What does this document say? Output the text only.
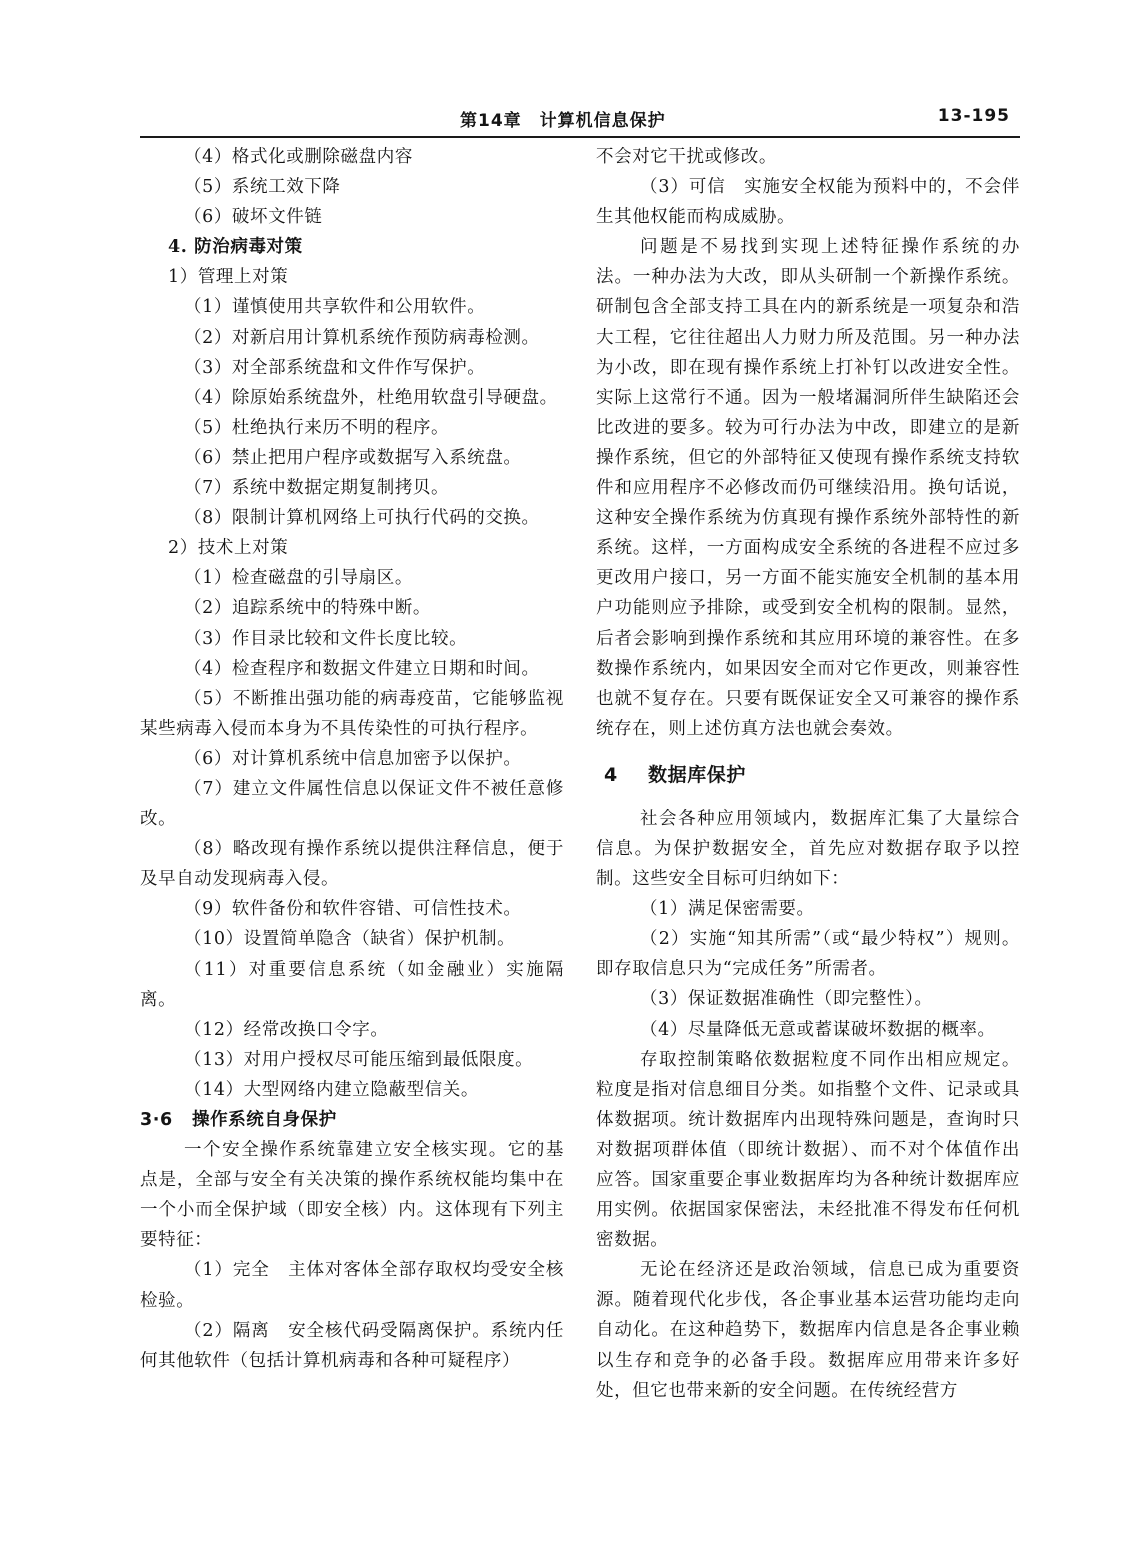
第14章　计算机信息保护	13-195

（4）格式化或删除磁盘内容

（5）系统工效下降

（6）破坏文件链

4. 防治病毒对策

1）管理上对策

（1）谨慎使用共享软件和公用软件。

（2）对新启用计算机系统作预防病毒检测。

（3）对全部系统盘和文件作写保护。

（4）除原始系统盘外，杜绝用软盘引导硬盘。

（5）杜绝执行来历不明的程序。

（6）禁止把用户程序或数据写入系统盘。

（7）系统中数据定期复制拷贝。

（8）限制计算机网络上可执行代码的交换。

2）技术上对策

（1）检查磁盘的引导扇区。

（2）追踪系统中的特殊中断。

（3）作目录比较和文件长度比较。

（4）检查程序和数据文件建立日期和时间。

（5）不断推出强功能的病毒疫苗，它能够监视某些病毒入侵而本身为不具传染性的可执行程序。

（6）对计算机系统中信息加密予以保护。

（7）建立文件属性信息以保证文件不被任意修改。

（8）略改现有操作系统以提供注释信息，便于及早自动发现病毒入侵。

（9）软件备份和软件容错、可信性技术。

（10）设置简单隐含（缺省）保护机制。

（11）对重要信息系统（如金融业）实施隔离。

（12）经常改换口令字。

（13）对用户授权尽可能压缩到最低限度。

（14）大型网络内建立隐蔽型信关。

3·6 操作系统自身保护

一个安全操作系统靠建立安全核实现。它的基点是，全部与安全有关决策的操作系统权能均集中在一个小而全保护域（即安全核）内。这体现有下列主要特征：

（1）完全　主体对客体全部存取权均受安全核检验。

（2）隔离　安全核代码受隔离保护。系统内任何其他软件（包括计算机病毒和各种可疑程序）

不会对它干扰或修改。

（3）可信　实施安全权能为预料中的，不会伴生其他权能而构成威胁。

问题是不易找到实现上述特征操作系统的办法。一种办法为大改，即从头研制一个新操作系统。研制包含全部支持工具在内的新系统是一项复杂和浩大工程，它往往超出人力财力所及范围。另一种办法为小改，即在现有操作系统上打补钉以改进安全性。实际上这常行不通。因为一般堵漏洞所伴生缺陷还会比改进的要多。较为可行办法为中改，即建立的是新操作系统，但它的外部特征又使现有操作系统支持软件和应用程序不必修改而仍可继续沿用。换句话说，这种安全操作系统为仿真现有操作系统外部特性的新系统。这样，一方面构成安全系统的各进程不应过多更改用户接口，另一方面不能实施安全机制的基本用户功能则应予排除，或受到安全机构的限制。显然，后者会影响到操作系统和其应用环境的兼容性。在多数操作系统内，如果因安全而对它作更改，则兼容性也就不复存在。只要有既保证安全又可兼容的操作系统存在，则上述仿真方法也就会奏效。

4 数据库保护

社会各种应用领域内，数据库汇集了大量综合信息。为保护数据安全，首先应对数据存取予以控制。这些安全目标可归纳如下：

（1）满足保密需要。

（2）实施“知其所需”（或“最少特权”）规则。即存取信息只为“完成任务”所需者。

（3）保证数据准确性（即完整性）。

（4）尽量降低无意或蓄谋破坏数据的概率。

存取控制策略依数据粒度不同作出相应规定。粒度是指对信息细目分类。如指整个文件、记录或具体数据项。统计数据库内出现特殊问题是，查询时只对数据项群体值（即统计数据）、而不对个体值作出应答。国家重要企事业数据库均为各种统计数据库应用实例。依据国家保密法，未经批准不得发布任何机密数据。

无论在经济还是政治领域，信息已成为重要资源。随着现代化步伐，各企事业基本运营功能均走向自动化。在这种趋势下，数据库内信息是各企事业赖以生存和竞争的必备手段。数据库应用带来许多好处，但它也带来新的安全问题。在传统经营方
